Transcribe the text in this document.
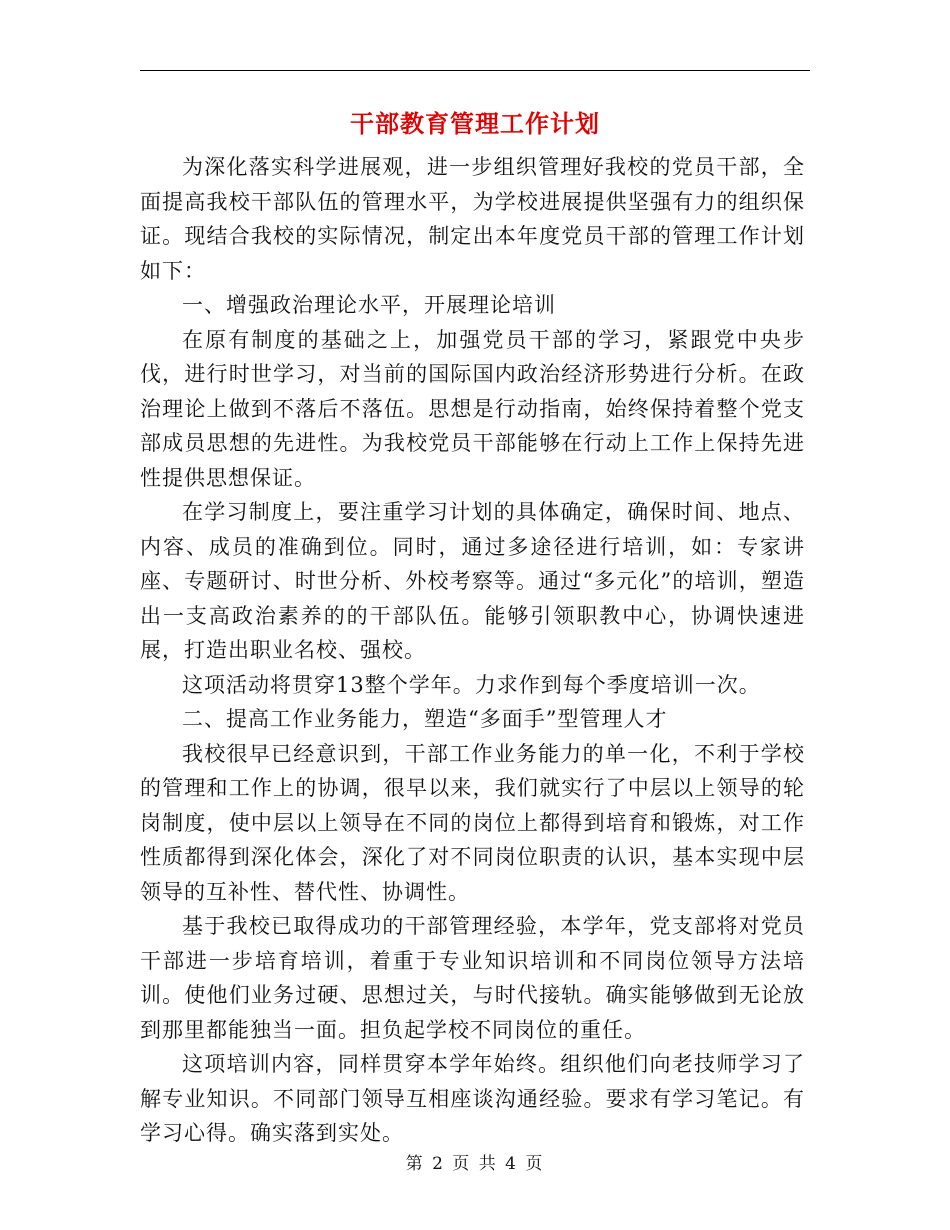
干部教育管理工作计划

为深化落实科学进展观，进一步组织管理好我校的党员干部，全面提高我校干部队伍的管理水平，为学校进展提供坚强有力的组织保证。现结合我校的实际情况，制定出本年度党员干部的管理工作计划如下：

一、增强政治理论水平，开展理论培训

在原有制度的基础之上，加强党员干部的学习，紧跟党中央步伐，进行时世学习，对当前的国际国内政治经济形势进行分析。在政治理论上做到不落后不落伍。思想是行动指南，始终保持着整个党支部成员思想的先进性。为我校党员干部能够在行动上工作上保持先进性提供思想保证。

在学习制度上，要注重学习计划的具体确定，确保时间、地点、内容、成员的准确到位。同时，通过多途径进行培训，如：专家讲座、专题研讨、时世分析、外校考察等。通过“多元化”的培训，塑造出一支高政治素养的的干部队伍。能够引领职教中心，协调快速进展，打造出职业名校、强校。

这项活动将贯穿13整个学年。力求作到每个季度培训一次。

二、提高工作业务能力，塑造“多面手”型管理人才

我校很早已经意识到，干部工作业务能力的单一化，不利于学校的管理和工作上的协调，很早以来，我们就实行了中层以上领导的轮岗制度，使中层以上领导在不同的岗位上都得到培育和锻炼，对工作性质都得到深化体会，深化了对不同岗位职责的认识，基本实现中层领导的互补性、替代性、协调性。

基于我校已取得成功的干部管理经验，本学年，党支部将对党员干部进一步培育培训，着重于专业知识培训和不同岗位领导方法培训。使他们业务过硬、思想过关，与时代接轨。确实能够做到无论放到那里都能独当一面。担负起学校不同岗位的重任。

这项培训内容，同样贯穿本学年始终。组织他们向老技师学习了解专业知识。不同部门领导互相座谈沟通经验。要求有学习笔记。有学习心得。确实落到实处。

第 2 页 共 4 页
